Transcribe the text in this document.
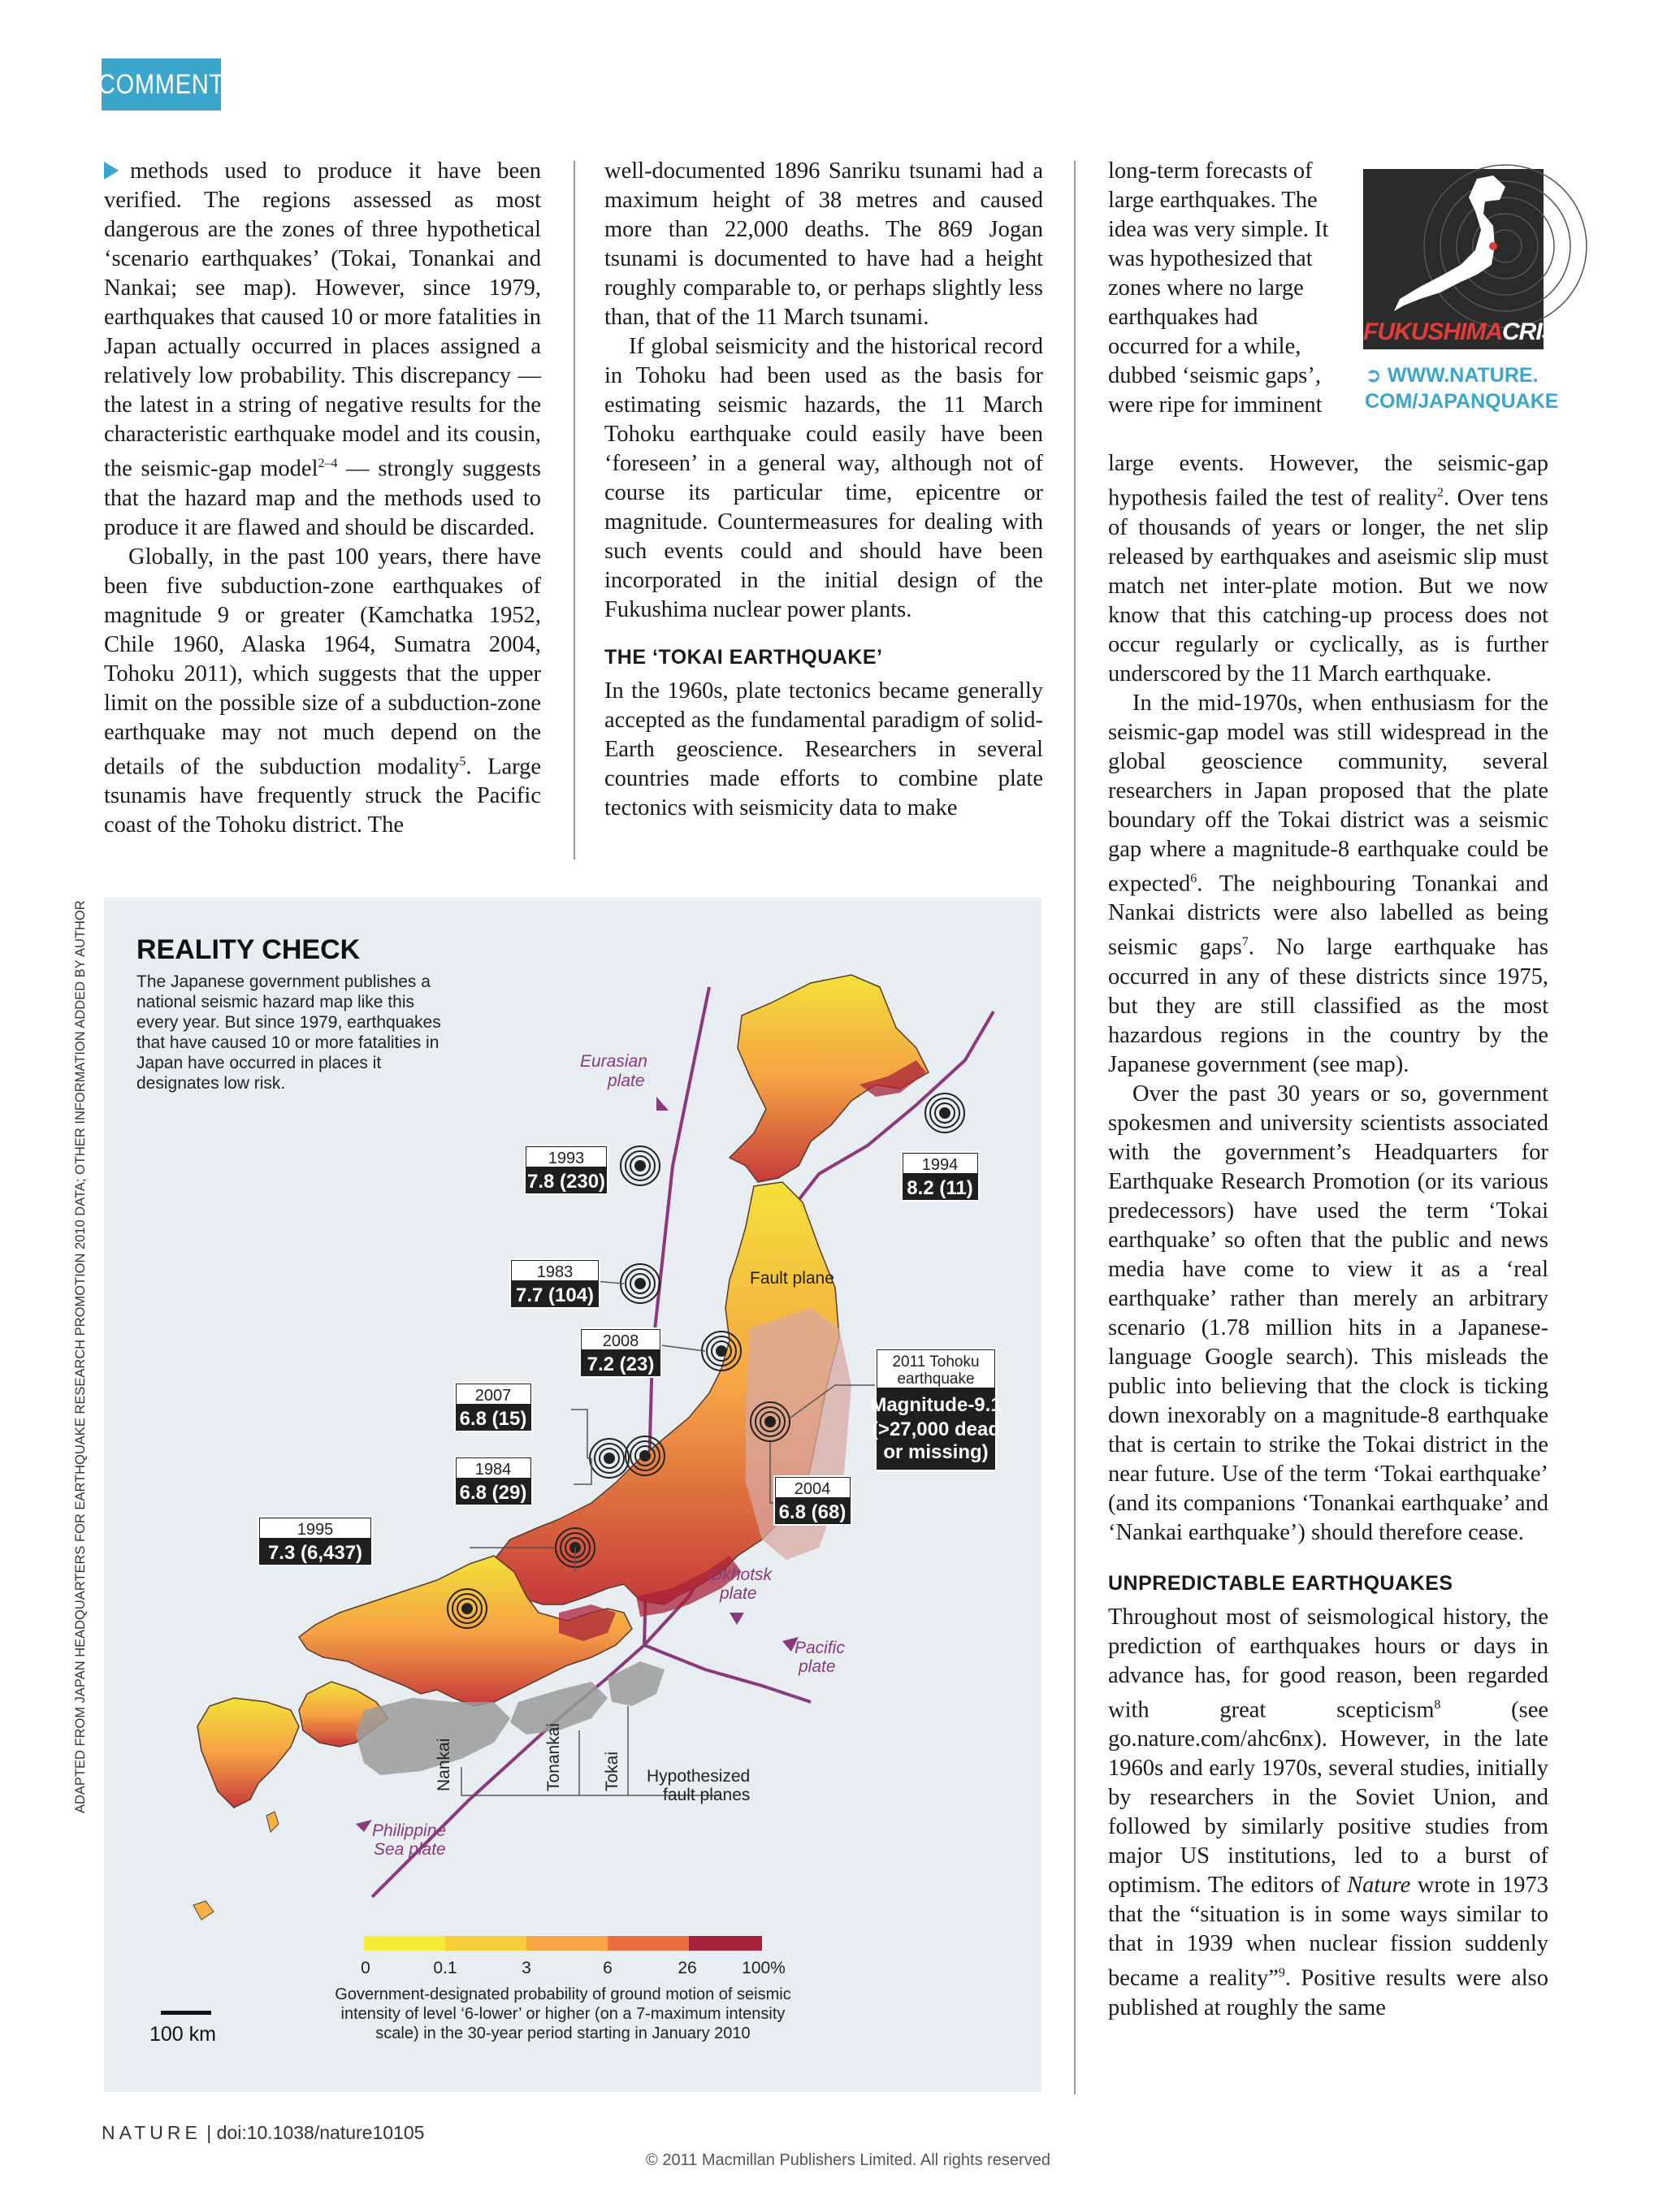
COMMENT

methods used to produce it have been verified. The regions assessed as most dangerous are the zones of three hypothetical ‘scenario earthquakes’ (Tokai, Tonankai and Nankai; see map). However, since 1979, earthquakes that caused 10 or more fatalities in Japan actually occurred in places assigned a relatively low probability. This discrepancy — the latest in a string of negative results for the characteristic earthquake model and its cousin, the seismic-gap model$^{2-4}$ — strongly suggests that the hazard map and the methods used to produce it are flawed and should be discarded.

Globally, in the past 100 years, there have been five subduction-zone earthquakes of magnitude 9 or greater (Kamchatka 1952, Chile 1960, Alaska 1964, Sumatra 2004, Tohoku 2011), which suggests that the upper limit on the possible size of a subduction-zone earthquake may not much depend on the details of the subduction modality$^5$. Large tsunamis have frequently struck the Pacific coast of the Tohoku district. The

well-documented 1896 Sanriku tsunami had a maximum height of 38 metres and caused more than 22,000 deaths. The 869 Jogan tsunami is documented to have had a height roughly comparable to, or perhaps slightly less than, that of the 11 March tsunami.

If global seismicity and the historical record in Tohoku had been used as the basis for estimating seismic hazards, the 11 March Tohoku earthquake could easily have been ‘foreseen’ in a general way, although not of course its particular time, epicentre or magnitude. Countermeasures for dealing with such events could and should have been incorporated in the initial design of the Fukushima nuclear power plants.

THE ‘TOKAI EARTHQUAKE’

In the 1960s, plate tectonics became generally accepted as the fundamental paradigm of solid-Earth geoscience. Researchers in several countries made efforts to combine plate tectonics with seismicity data to make

long-term forecasts of large earthquakes. The idea was very simple. It was hypothesized that zones where no large earthquakes had occurred for a while, dubbed ‘seismic gaps’, were ripe for imminent

FUKUSHIMACRISIS
➲ WWW.NATURE.
COM/JAPANQUAKE

large events. However, the seismic-gap hypothesis failed the test of reality$^2$. Over tens of thousands of years or longer, the net slip released by earthquakes and aseismic slip must match net inter-plate motion. But we now know that this catching-up process does not occur regularly or cyclically, as is further underscored by the 11 March earthquake.

In the mid-1970s, when enthusiasm for the seismic-gap model was still widespread in the global geoscience community, several researchers in Japan proposed that the plate boundary off the Tokai district was a seismic gap where a magnitude-8 earthquake could be expected$^6$. The neighbouring Tonankai and Nankai districts were also labelled as being seismic gaps$^7$. No large earthquake has occurred in any of these districts since 1975, but they are still classified as the most hazardous regions in the country by the Japanese government (see map).

Over the past 30 years or so, government spokesmen and university scientists associated with the government’s Headquarters for Earthquake Research Promotion (or its various predecessors) have used the term ‘Tokai earthquake’ so often that the public and news media have come to view it as a ‘real earthquake’ rather than merely an arbitrary scenario (1.78 million hits in a Japanese-language Google search). This misleads the public into believing that the clock is ticking down inexorably on a magnitude-8 earthquake that is certain to strike the Tokai district in the near future. Use of the term ‘Tokai earthquake’ (and its companions ‘Tonankai earthquake’ and ‘Nankai earthquake’) should therefore cease.

UNPREDICTABLE EARTHQUAKES

Throughout most of seismological history, the prediction of earthquakes hours or days in advance has, for good reason, been regarded with great scepticism$^8$ (see go.nature.com/ahc6nx). However, in the late 1960s and early 1970s, several studies, initially by researchers in the Soviet Union, and followed by similarly positive studies from major US institutions, led to a burst of optimism. The editors of Nature wrote in 1973 that the “situation is in some ways similar to that in 1939 when nuclear fission suddenly became a reality”$^9$. Positive results were also published at roughly the same

REALITY CHECK
The Japanese government publishes a
national seismic hazard map like this
every year. But since 1979, earthquakes
that have caused 10 or more fatalities in
Japan have occurred in places it
designates low risk.
Fault plane
Nankai	Tonankai Tokai Hypothesized
fault planes
Eurasian
plate
Okhotsk
plate
Pacific
plate
Philippine
Sea plate
1993
7.8 (230)
1994
8.2 (11)
1983
7.7 (104)
2008
7.2 (23)
2007
6.8 (15)
1984
6.8 (29)
1995
7.3 (6,437)
2004
6.8 (68)
2011 Tohoku
earthquake
Magnitude-9.1
(>27,000 dead
or missing)
0	0.1	3	6	26	100%
Government-designated probability of ground motion of seismic
intensity of level ‘6-lower’ or higher (on a 7-maximum intensity
scale) in the 30-year period starting in January 2010
100 km
ADAPTED FROM JAPAN HEADQUARTERS FOR EARTHQUAKE RESEARCH PROMOTION 2010 DATA; OTHER INFORMATION ADDED BY AUTHOR
NATURE | doi:10.1038/nature10105
© 2011 Macmillan Publishers Limited. All rights reserved
